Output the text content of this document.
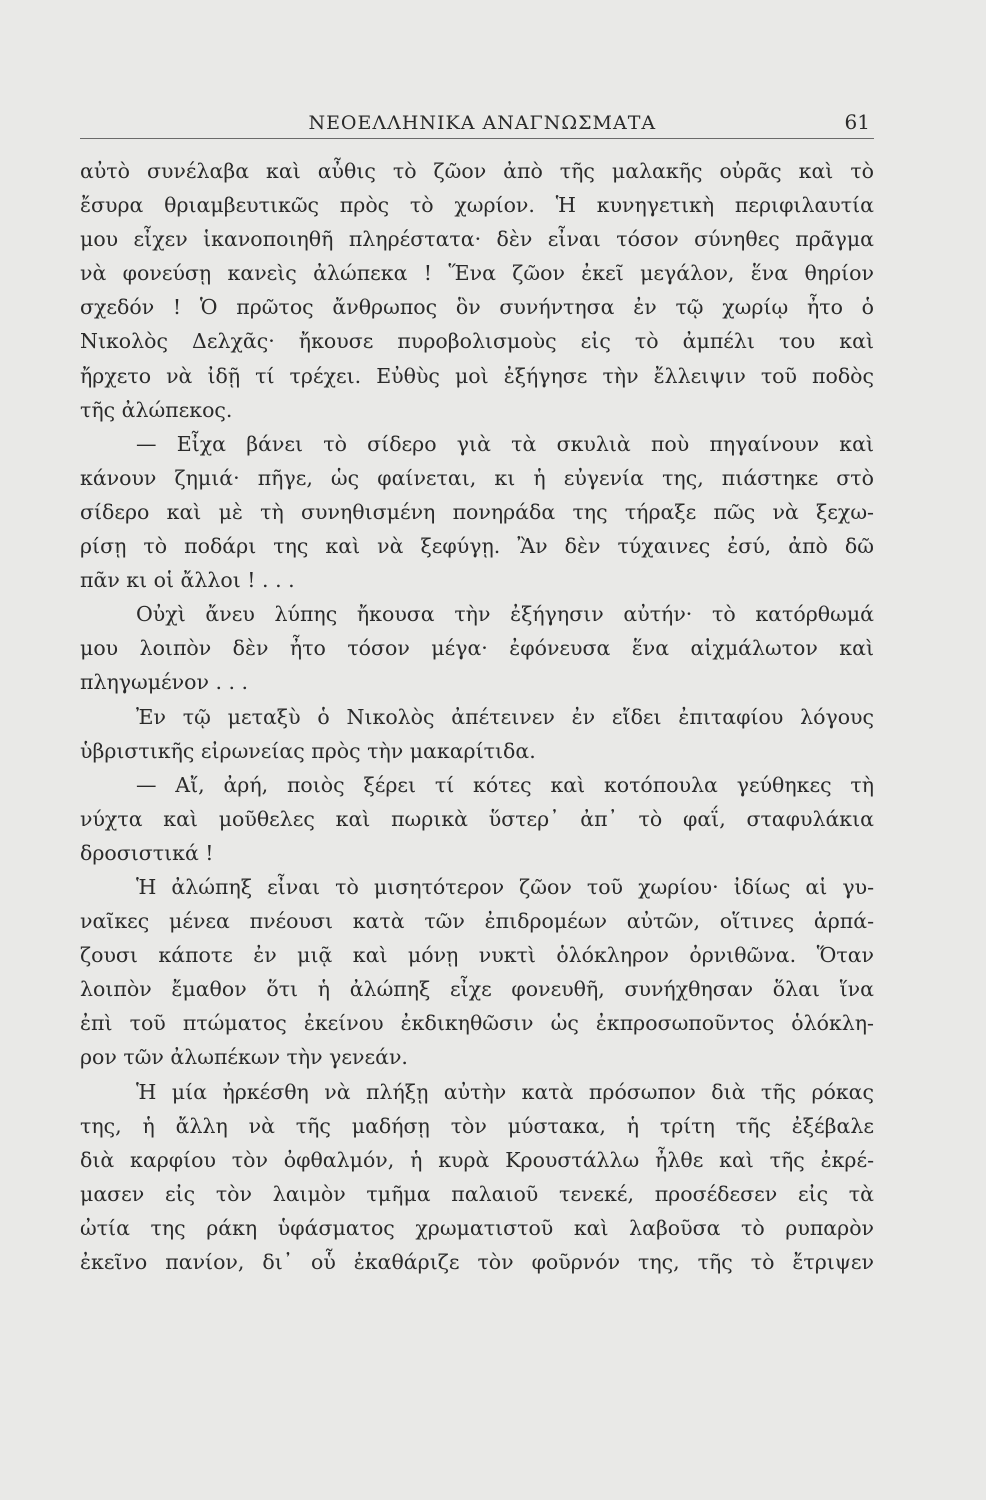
ΝΕΟΕΛΛΗΝΙΚΑ ΑΝΑΓΝΩΣΜΑΤΑ	61
αὐτὸ συνέλαβα καὶ αὖθις τὸ ζῶον ἀπὸ τῆς μαλακῆς οὐρᾶς καὶ τὸ
ἔσυρα θριαμβευτικῶς πρὸς τὸ χωρίον. Ἡ κυνηγετικὴ περιφιλαυτία
μου εἶχεν ἱκανοποιηθῆ πληρέστατα· δὲν εἶναι τόσον σύνηθες πρᾶγμα
νὰ φονεύσῃ κανεὶς ἀλώπεκα ! Ἕνα ζῶον ἐκεῖ μεγάλον, ἕνα θηρίον
σχεδόν ! Ὁ πρῶτος ἄνθρωπος ὃν συνήντησα ἐν τῷ χωρίῳ ἦτο ὁ
Νικολὸς Δελχᾶς· ἤκουσε πυροβολισμοὺς εἰς τὸ ἀμπέλι του καὶ
ἤρχετο νὰ ἰδῇ τί τρέχει. Εὐθὺς μοὶ ἐξήγησε τὴν ἔλλειψιν τοῦ ποδὸς
τῆς ἀλώπεκος.
— Εἶχα βάνει τὸ σίδερο γιὰ τὰ σκυλιὰ ποὺ πηγαίνουν καὶ
κάνουν ζημιά· πῆγε, ὡς φαίνεται, κι ἡ εὐγενία της, πιάστηκε στὸ
σίδερο καὶ μὲ τὴ συνηθισμένη πονηράδα της τήραξε πῶς νὰ ξεχω-
ρίσῃ τὸ ποδάρι της καὶ νὰ ξεφύγῃ. Ἂν δὲν τύχαινες ἐσύ, ἀπὸ δῶ
πᾶν κι οἱ ἄλλοι ! . . .
Οὐχὶ ἄνευ λύπης ἤκουσα τὴν ἐξήγησιν αὐτήν· τὸ κατόρθωμά
μου λοιπὸν δὲν ἦτο τόσον μέγα· ἐφόνευσα ἕνα αἰχμάλωτον καὶ
πληγωμένον . . .
Ἐν τῷ μεταξὺ ὁ Νικολὸς ἀπέτεινεν ἐν εἴδει ἐπιταφίου λόγους
ὑβριστικῆς εἰρωνείας πρὸς τὴν μακαρίτιδα.
— Αἴ, ἀρή, ποιὸς ξέρει τί κότες καὶ κοτόπουλα γεύθηκες τὴ
νύχτα καὶ μοῦθελες καὶ πωρικὰ ὕστερ᾽ ἀπ᾽ τὸ φαΐ, σταφυλάκια
δροσιστικά !
Ἡ ἀλώπηξ εἶναι τὸ μισητότερον ζῶον τοῦ χωρίου· ἰδίως αἱ γυ-
ναῖκες μένεα πνέουσι κατὰ τῶν ἐπιδρομέων αὐτῶν, οἵτινες ἁρπά-
ζουσι κάποτε ἐν μιᾷ καὶ μόνῃ νυκτὶ ὁλόκληρον ὀρνιθῶνα. Ὅταν
λοιπὸν ἔμαθον ὅτι ἡ ἀλώπηξ εἶχε φονευθῆ, συνήχθησαν ὅλαι ἵνα
ἐπὶ τοῦ πτώματος ἐκείνου ἐκδικηθῶσιν ὡς ἐκπροσωποῦντος ὁλόκλη-
ρον τῶν ἀλωπέκων τὴν γενεάν.
Ἡ μία ἠρκέσθη νὰ πλήξῃ αὐτὴν κατὰ πρόσωπον διὰ τῆς ρόκας
της, ἡ ἄλλη νὰ τῆς μαδήσῃ τὸν μύστακα, ἡ τρίτη τῆς ἐξέβαλε
διὰ καρφίου τὸν ὀφθαλμόν, ἡ κυρὰ Κρουστάλλω ἦλθε καὶ τῆς ἐκρέ-
μασεν εἰς τὸν λαιμὸν τμῆμα παλαιοῦ τενεκέ, προσέδεσεν εἰς τὰ
ὠτία της ράκη ὑφάσματος χρωματιστοῦ καὶ λαβοῦσα τὸ ρυπαρὸν
ἐκεῖνο πανίον, δι᾽ οὗ ἐκαθάριζε τὸν φοῦρνόν της, τῆς τὸ ἔτριψεν
